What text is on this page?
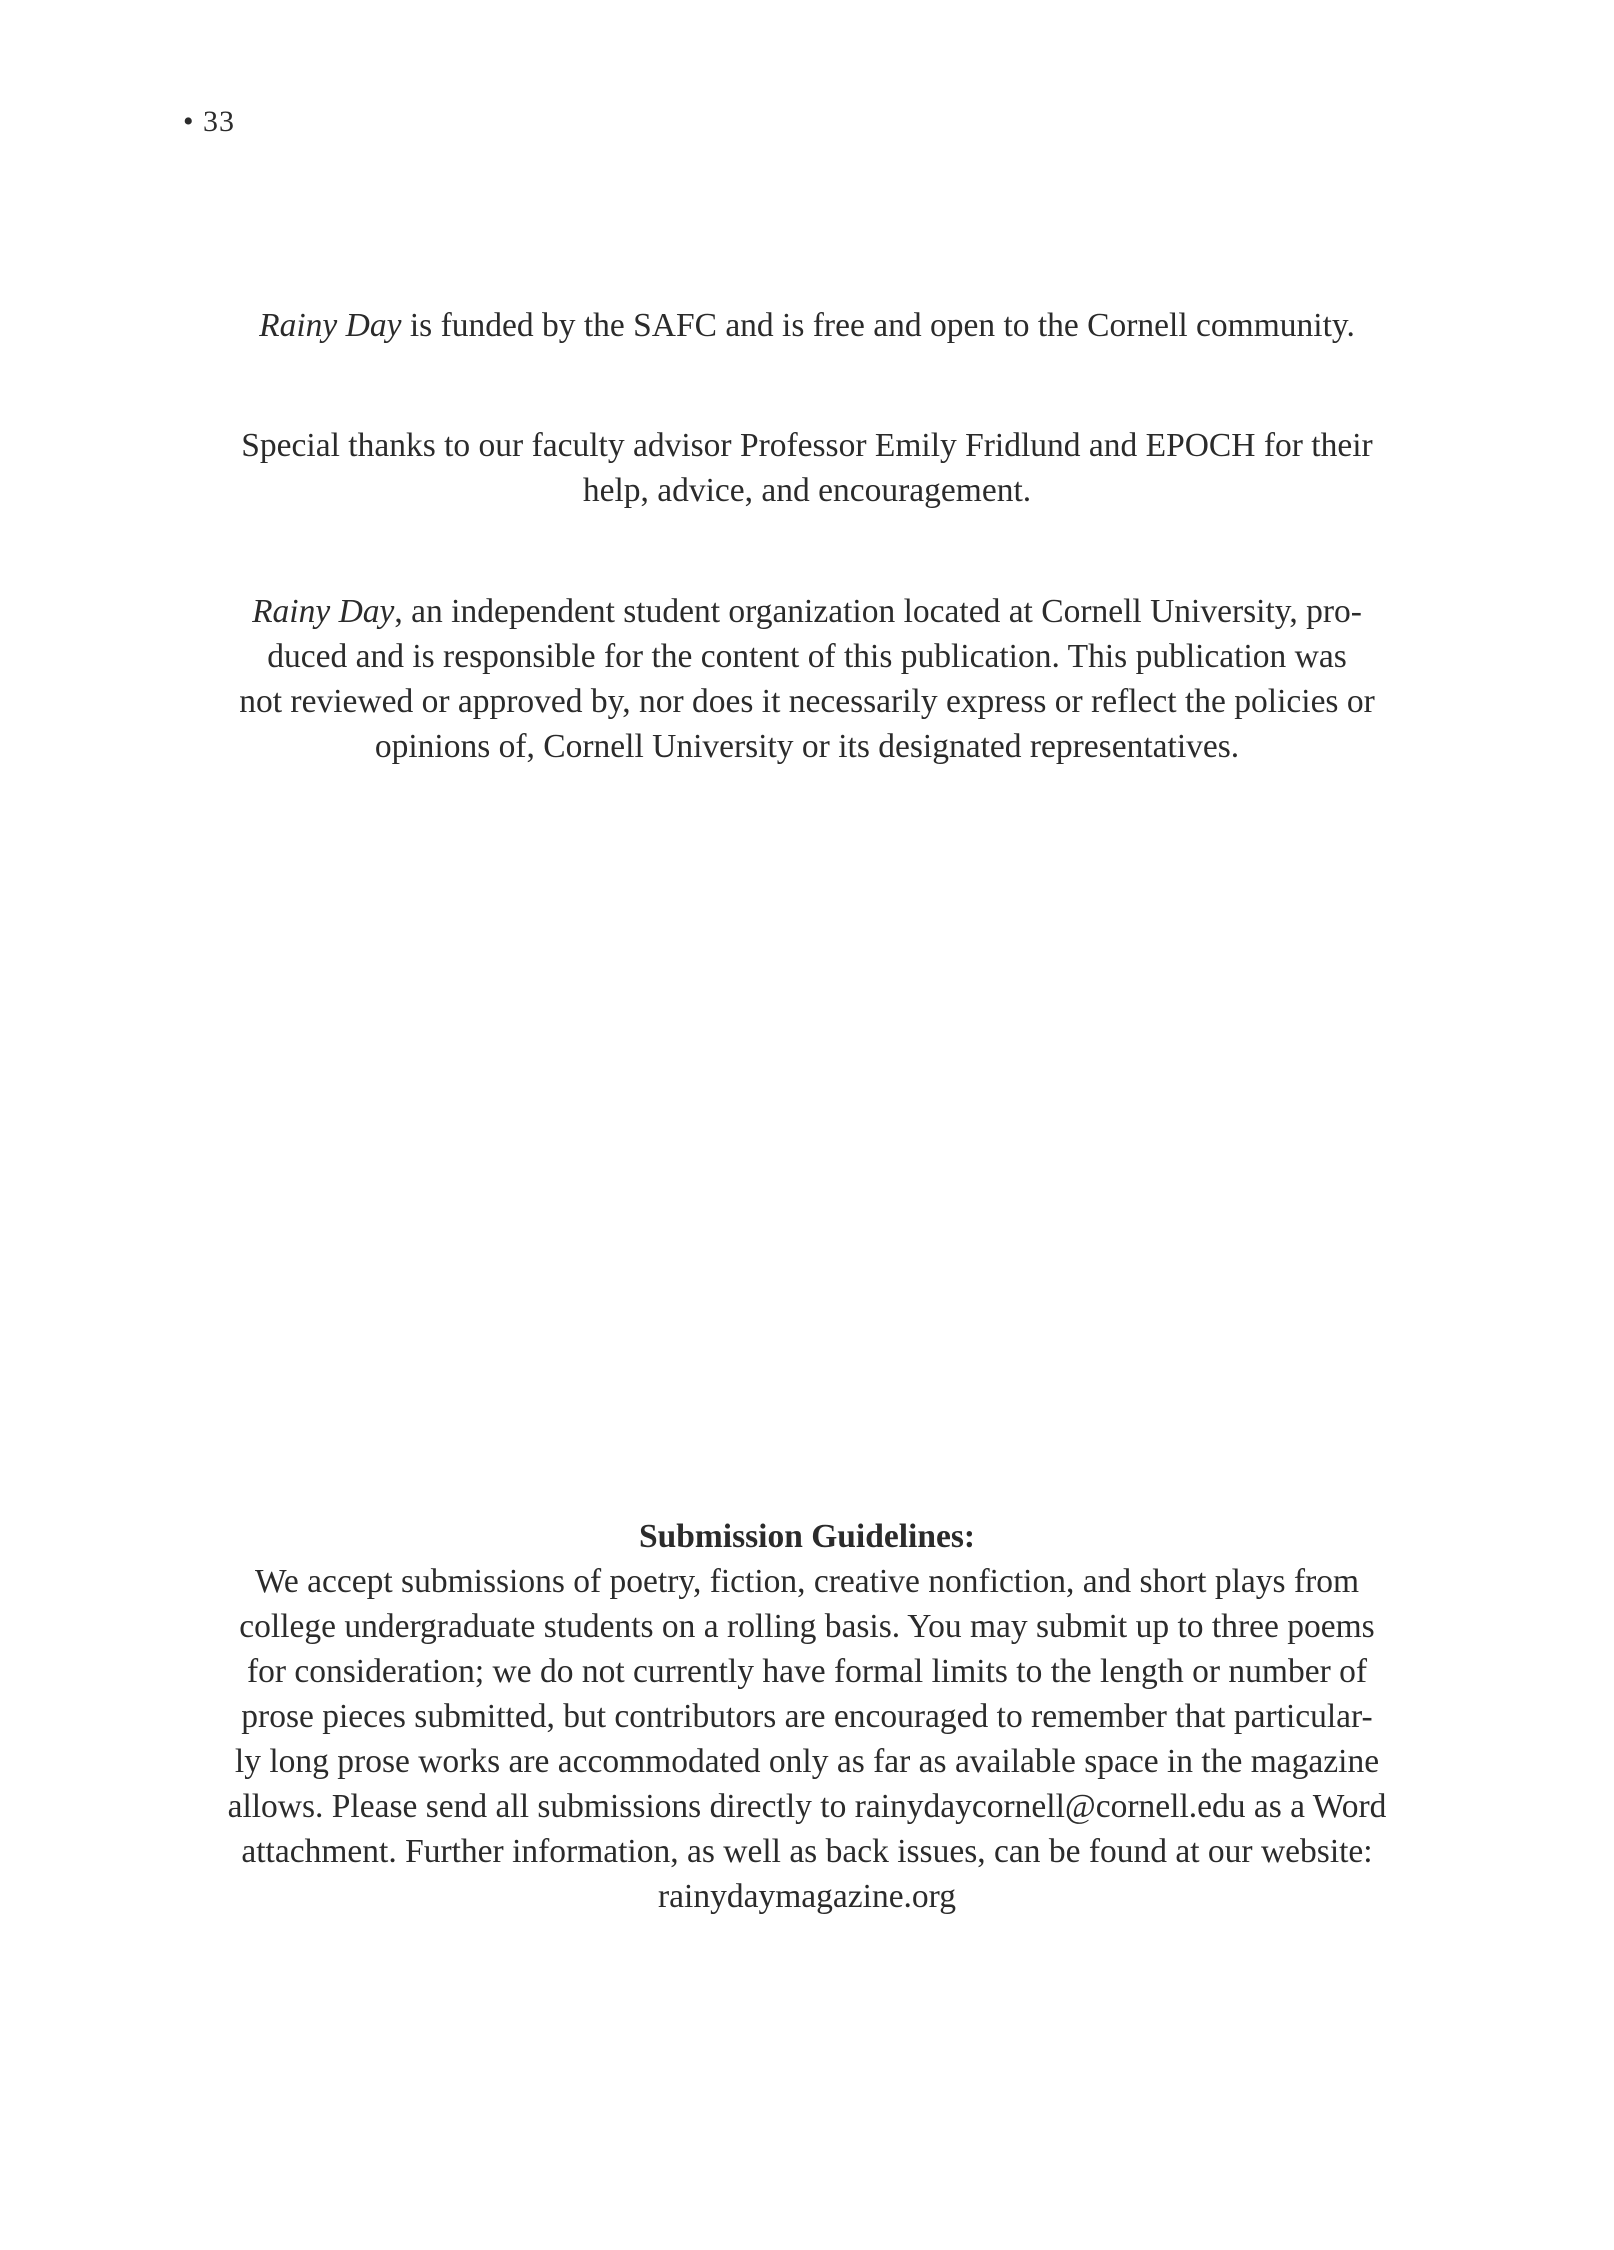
• 33
Rainy Day is funded by the SAFC and is free and open to the Cornell community.
Special thanks to our faculty advisor Professor Emily Fridlund and EPOCH for their
help, advice, and encouragement.
Rainy Day, an independent student organization located at Cornell University, pro-
duced and is responsible for the content of this publication. This publication was
not reviewed or approved by, nor does it necessarily express or reflect the policies or
opinions of, Cornell University or its designated representatives.
Submission Guidelines:
We accept submissions of poetry, fiction, creative nonfiction, and short plays from
college undergraduate students on a rolling basis. You may submit up to three poems
for consideration; we do not currently have formal limits to the length or number of
prose pieces submitted, but contributors are encouraged to remember that particular-
ly long prose works are accommodated only as far as available space in the magazine
allows. Please send all submissions directly to rainydaycornell@cornell.edu as a Word
attachment. Further information, as well as back issues, can be found at our website:
rainydaymagazine.org
